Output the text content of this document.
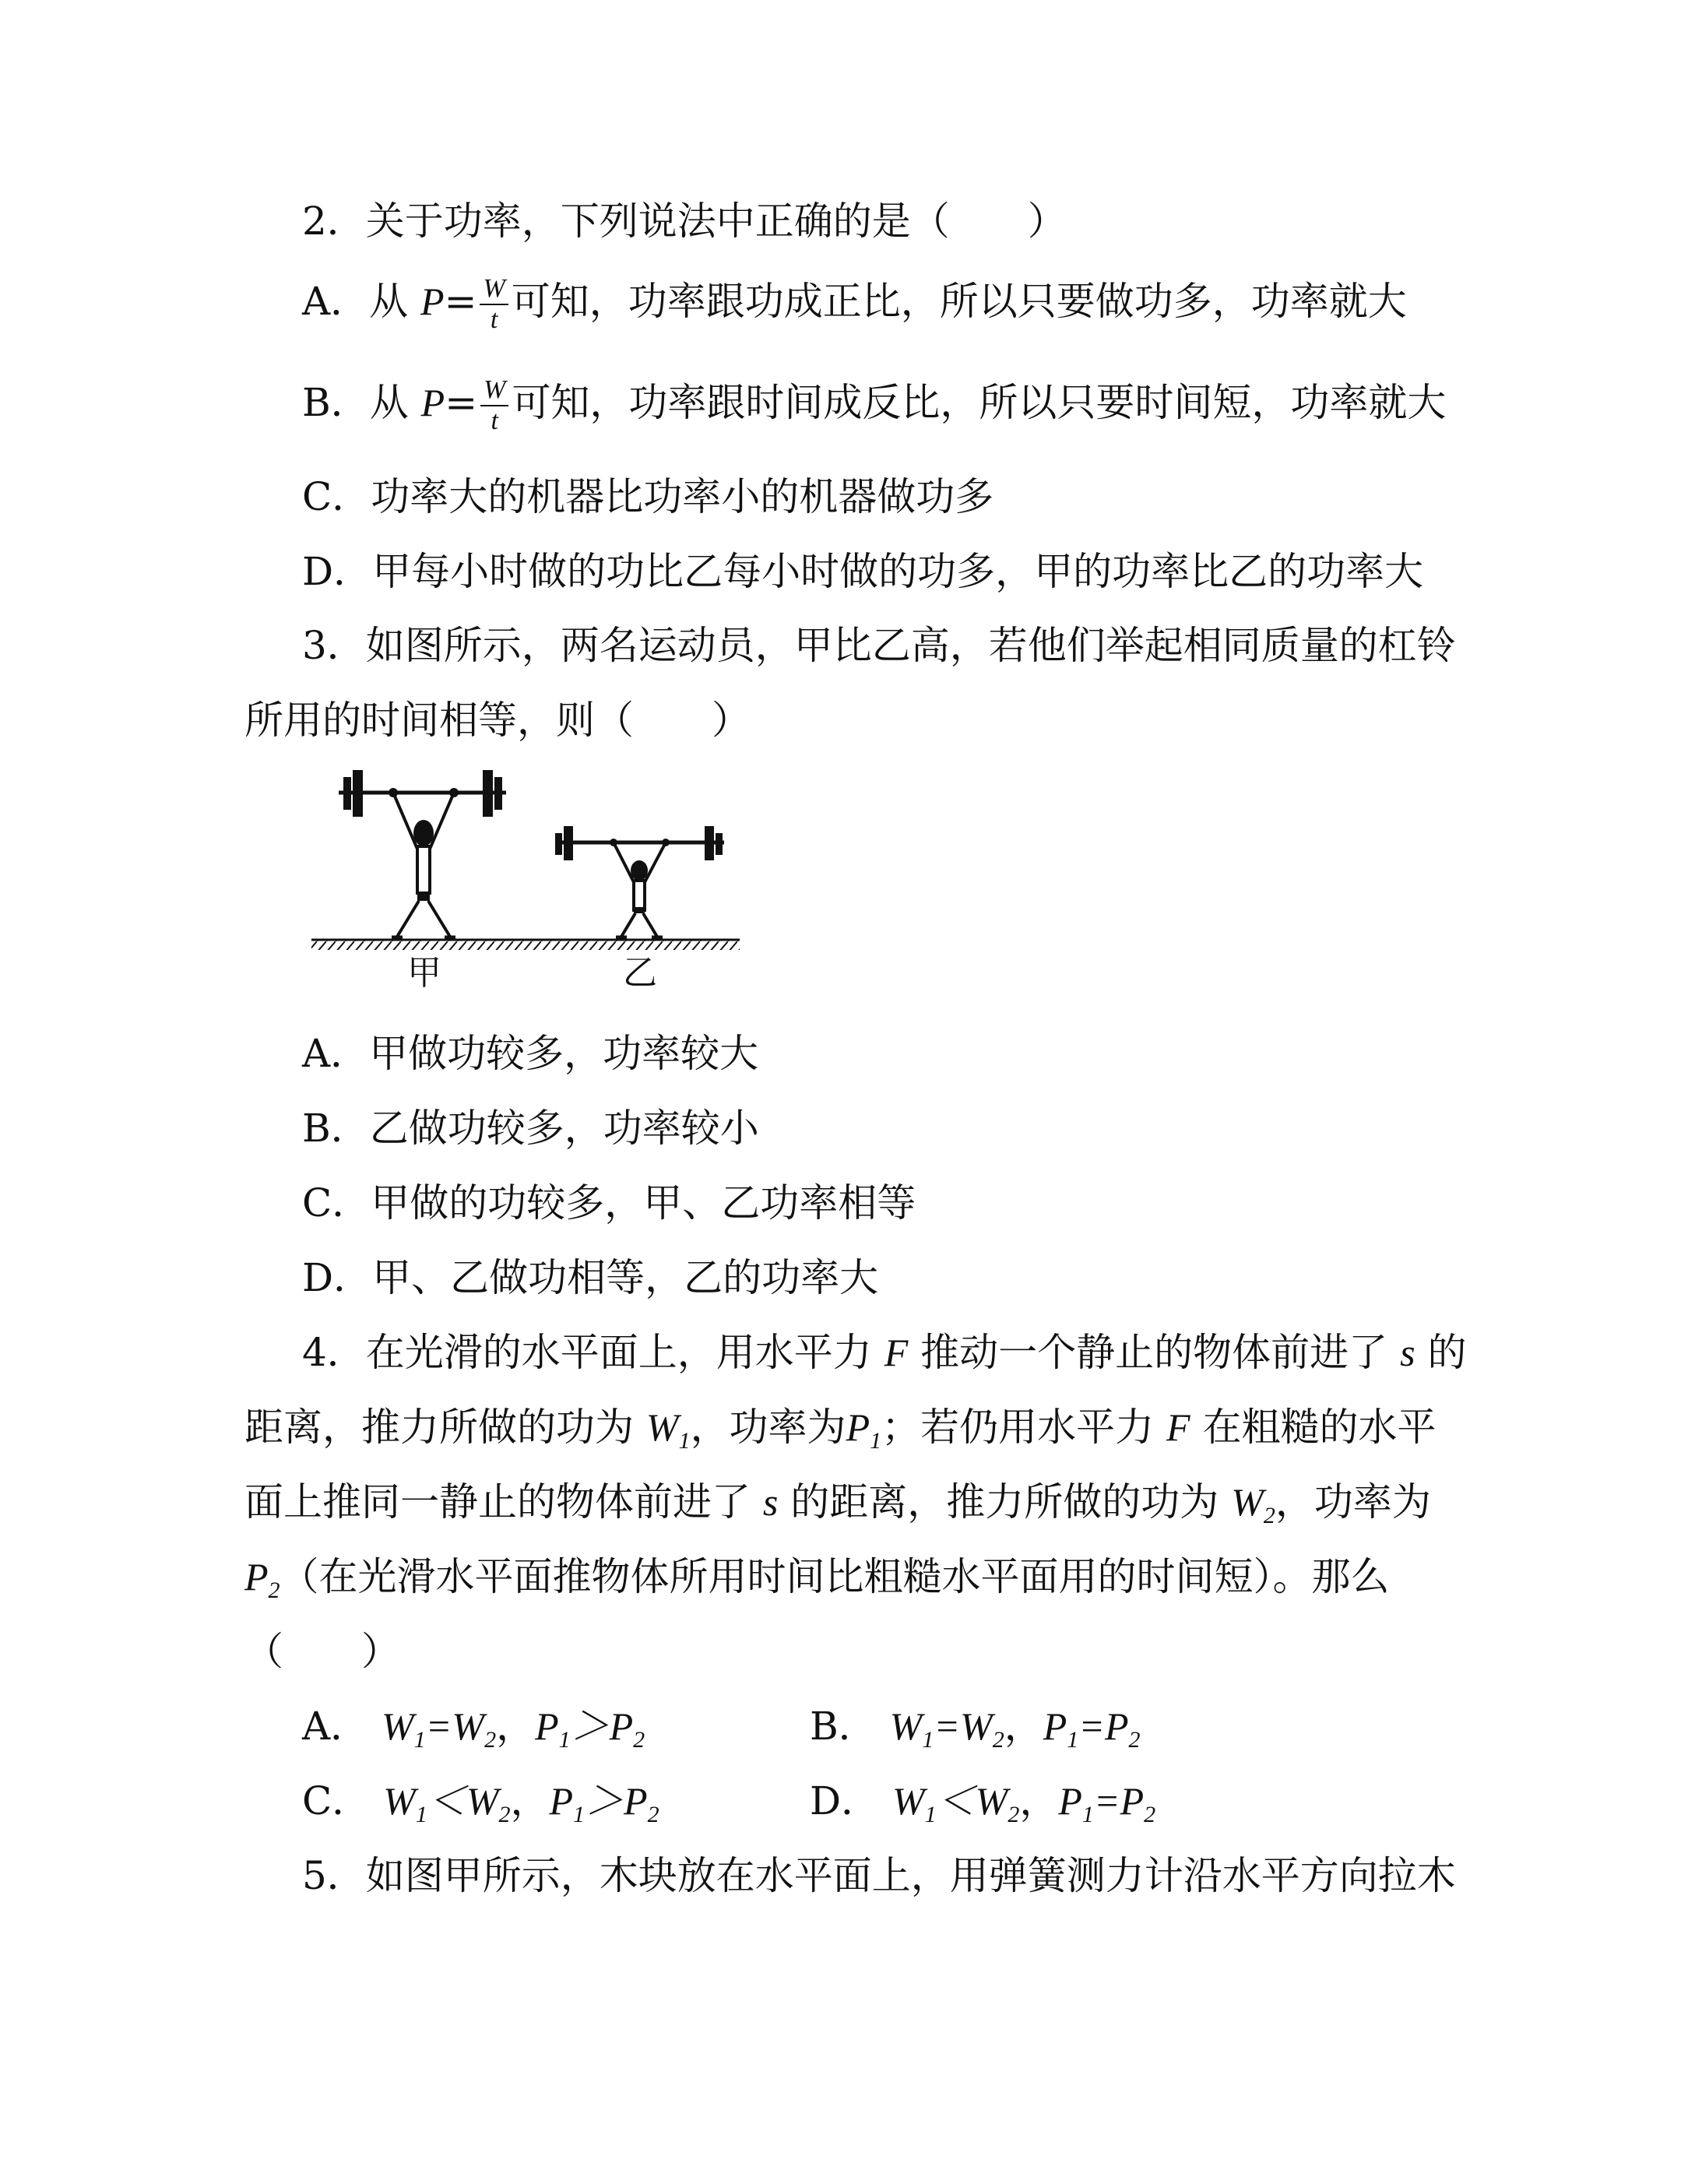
2．关于功率，下列说法中正确的是（　　）
A．从 $P= \frac{W}{t}$ 可知，功率跟功成正比，所以只要做功多，功率就大
B．从 $P= \frac{W}{t}$ 可知，功率跟时间成反比，所以只要时间短，功率就大
C．功率大的机器比功率小的机器做功多
D．甲每小时做的功比乙每小时做的功多，甲的功率比乙的功率大
3．如图所示，两名运动员，甲比乙高，若他们举起相同质量的杠铃
所用的时间相等，则（　　）
甲	乙
A．甲做功较多，功率较大
B．乙做功较多，功率较小
C．甲做的功较多，甲、乙功率相等
D．甲、乙做功相等，乙的功率大
4．在光滑的水平面上，用水平力 F 推动一个静止的物体前进了 s 的
距离，推力所做的功为 $W_1$，功率为$P_1$；若仍用水平力 F 在粗糙的水平
面上推同一静止的物体前进了 s 的距离，推力所做的功为 $W_2$，功率为
$P_2$（在光滑水平面推物体所用时间比粗糙水平面用的时间短）。那么
（　　）
A． $W_1=W_2$，$P_1>P_2$	B． $W_1=W_2$，$P_1=P_2$
C． $W_1<W_2$，$P_1>P_2$	D． $W_1<W_2$，$P_1=P_2$
5．如图甲所示，木块放在水平面上，用弹簧测力计沿水平方向拉木
